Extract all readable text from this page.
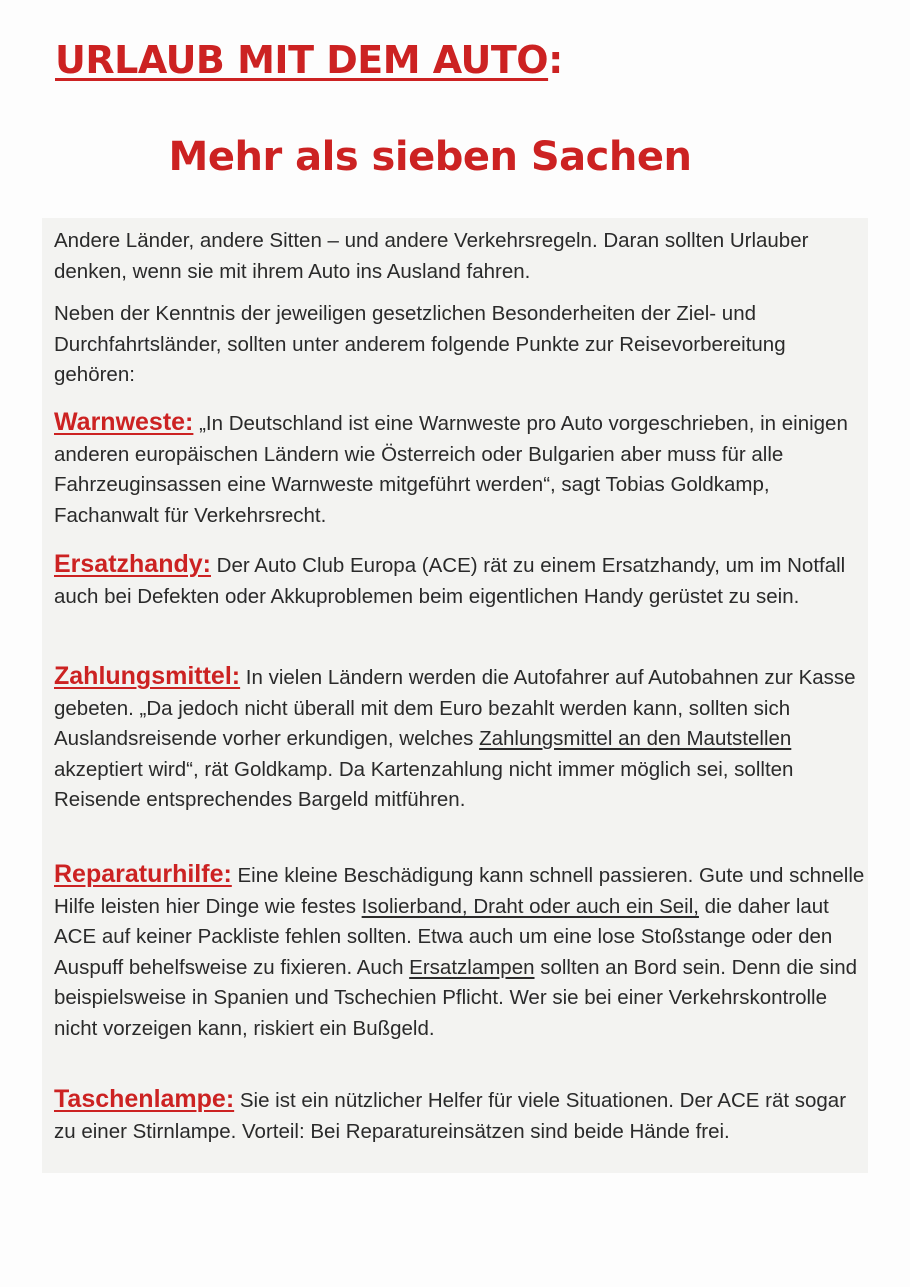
URLAUB MIT DEM AUTO:
Mehr als sieben Sachen

Andere Länder, andere Sitten – und andere Verkehrsregeln. Daran sollten Urlauber denken, wenn sie mit ihrem Auto ins Ausland fahren.

Neben der Kenntnis der jeweiligen gesetzlichen Besonderheiten der Ziel- und Durchfahrtsländer, sollten unter anderem folgende Punkte zur Reisevorbereitung gehören:

Warnweste: „In Deutschland ist eine Warnweste pro Auto vorgeschrieben, in einigen anderen europäischen Ländern wie Österreich oder Bulgarien aber muss für alle Fahrzeuginsassen eine Warnweste mitgeführt werden“, sagt Tobias Goldkamp, Fachanwalt für Verkehrsrecht.

Ersatzhandy: Der Auto Club Europa (ACE) rät zu einem Ersatzhandy, um im Notfall auch bei Defekten oder Akkuproblemen beim eigentlichen Handy gerüstet zu sein.

Zahlungsmittel: In vielen Ländern werden die Autofahrer auf Autobahnen zur Kasse gebeten. „Da jedoch nicht überall mit dem Euro bezahlt werden kann, sollten sich Auslandsreisende vorher erkundigen, welches Zahlungsmittel an den Mautstellen akzeptiert wird“, rät Goldkamp. Da Kartenzahlung nicht immer möglich sei, sollten Reisende entsprechendes Bargeld mitführen.

Reparaturhilfe: Eine kleine Beschädigung kann schnell passieren. Gute und schnelle Hilfe leisten hier Dinge wie festes Isolierband, Draht oder auch ein Seil, die daher laut ACE auf keiner Packliste fehlen sollten. Etwa auch um eine lose Stoßstange oder den Auspuff behelfsweise zu fixieren. Auch Ersatzlampen sollten an Bord sein. Denn die sind beispielsweise in Spanien und Tschechien Pflicht. Wer sie bei einer Verkehrskontrolle nicht vorzeigen kann, riskiert ein Bußgeld.

Taschenlampe: Sie ist ein nützlicher Helfer für viele Situationen. Der ACE rät sogar zu einer Stirnlampe. Vorteil: Bei Reparatureinsätzen sind beide Hände frei.
